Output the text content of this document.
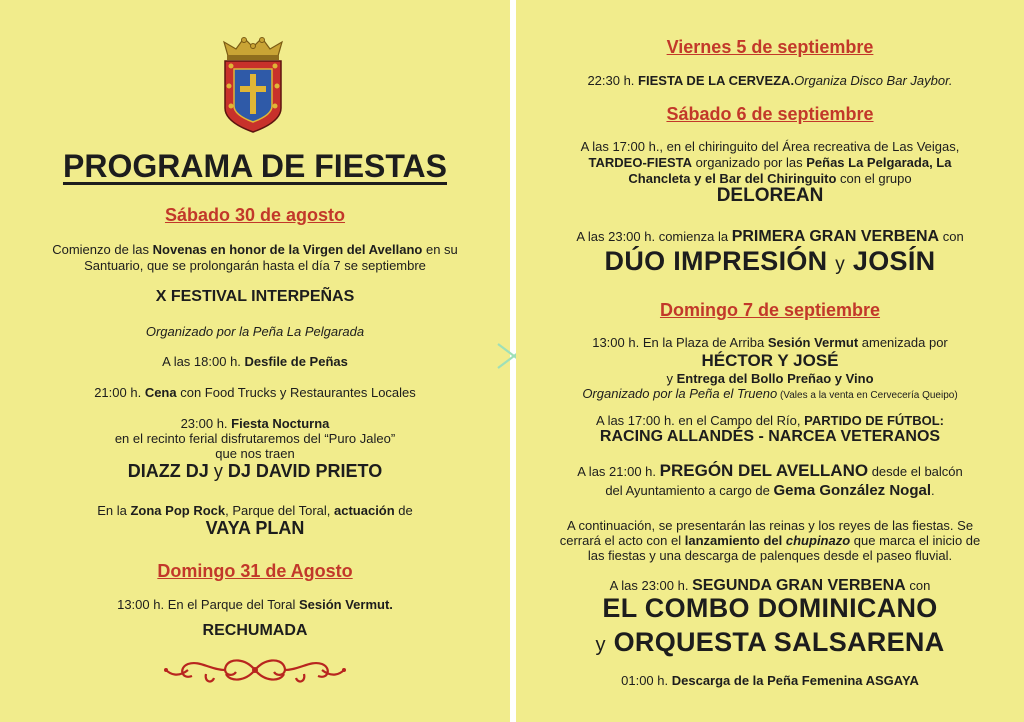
PROGRAMA DE FIESTAS
Sábado 30 de agosto
Comienzo de las Novenas en honor de la Virgen del Avellano en su
Santuario, que se prolongarán hasta el día 7 se septiembre
X FESTIVAL INTERPEÑAS
Organizado por la Peña La Pelgarada
A las 18:00 h. Desfile de Peñas
21:00 h. Cena con Food Trucks y Restaurantes Locales
23:00 h. Fiesta Nocturna
en el recinto ferial disfrutaremos del “Puro Jaleo”
que nos traen
DIAZZ DJ y DJ DAVID PRIETO
En la Zona Pop Rock, Parque del Toral, actuación de
VAYA PLAN
Domingo 31 de Agosto
13:00 h. En el Parque del Toral Sesión Vermut.
RECHUMADA
Viernes 5 de septiembre
22:30 h. FIESTA DE LA CERVEZA.Organiza Disco Bar Jaybor.
Sábado 6 de septiembre
A las 17:00 h., en el chiringuito del Área recreativa de Las Veigas,
TARDEO-FIESTA organizado por las Peñas La Pelgarada, La
Chancleta y el Bar del Chiringuito con el grupo
DELOREAN
A las 23:00 h. comienza la PRIMERA GRAN VERBENA con
DÚO IMPRESIÓN y JOSÍN
Domingo 7 de septiembre
13:00 h. En la Plaza de Arriba Sesión Vermut amenizada por
HÉCTOR Y JOSÉ
y Entrega del Bollo Preñao y Vino
Organizado por la Peña el Trueno (Vales a la venta en Cervecería Queipo)
A las 17:00 h. en el Campo del Río, PARTIDO DE FÚTBOL:
RACING ALLANDÉS - NARCEA VETERANOS
A las 21:00 h. PREGÓN DEL AVELLANO desde el balcón
del Ayuntamiento a cargo de Gema González Nogal.
A continuación, se presentarán las reinas y los reyes de las fiestas. Se
cerrará el acto con el lanzamiento del chupinazo que marca el inicio de
las fiestas y una descarga de palenques desde el paseo fluvial.
A las 23:00 h. SEGUNDA GRAN VERBENA con
EL COMBO DOMINICANO
y ORQUESTA SALSARENA
01:00 h. Descarga de la Peña Femenina ASGAYA
